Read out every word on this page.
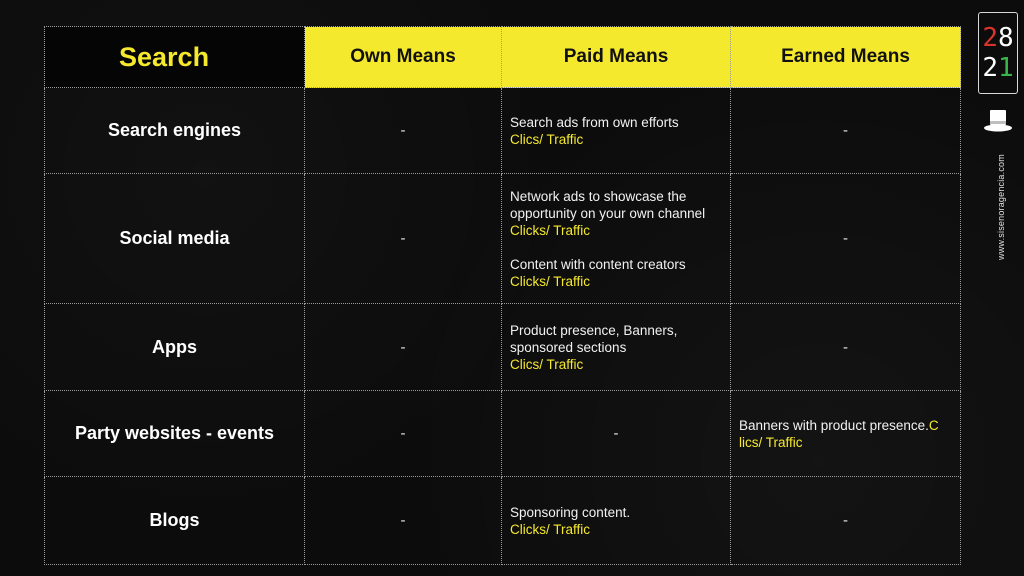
Search	Own Means	Paid Means	Earned Means

Search engines	-	Search ads from own efforts
Clics/ Traffic	-

Social media	-	Network ads to showcase the opportunity on your own channel
Clicks/ Traffic
Content with content creators
Clicks/ Traffic	-

Apps	-	Product presence, Banners, sponsored sections
Clics/ Traffic	-

Party websites - events	-	-	Banners with product presence.C
lics/ Traffic

Blogs	-	Sponsoring content.
Clicks/ Traffic	-
28
21
www.sisenoragencia.com
